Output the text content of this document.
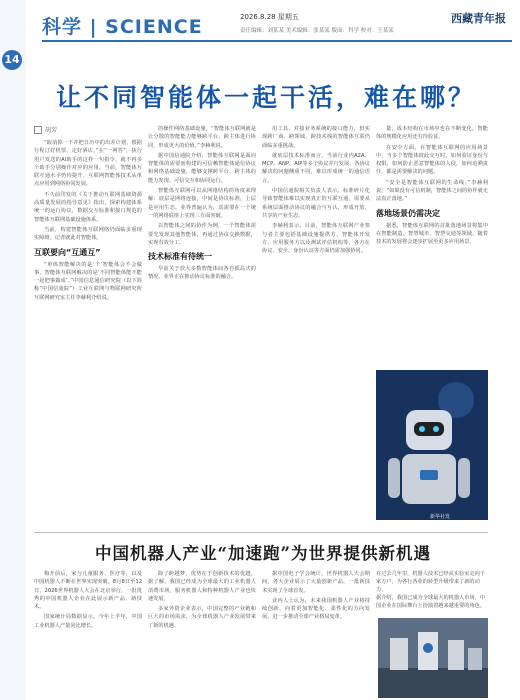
14
科学 | SCIENCE	2026.8.28 星期五
责任编辑：刘某某 美术编辑：张某某 版面：科学 校对：王某某
西藏青年报
让不同智能体一起干活，难在哪？
胡芳

“取消掉一下并把日历中的出差计划，根据行程订好机票、定好酒店。”在“一网答”，执行用户发送的AI助手的这样一句指令，就不再多个助手分别操作对应的应用。当前，智能体互联互通水平仍待提升，互联网智能体技术从单点应用到网络协同发展。

不久前印发的《关于推动互联网基础资源高质量发展的指导意见》指出，探索构建体系统一的运行协议，数据交互标准和接口规范的智能体互联网基础设施体系。

当前，构建智能体互联网络仍面临多重现实障碍。记者就此对智能体。

互联要向“互通互”

“单体智能解决的是‘个’智能体会不会做事，智能体互联网解决的是‘不同智能体能不能一起把事做成’。”中国信息通信研究院（以下简称“中国信通院”）工业互联网与物联网研究所互联网研究室主任李赫利介绍说。

的操作网络基础设施。“智能体互联网就是让分散的智能能力能够跨平台、跨主体进行协同，形成更大的价值。”李赫利说。

据中国信通院介绍，智能体互联网是面向智能体的需要而构建的可信赖智能体通信协议和网络基础设施，能够支撑跨平台、跨主体的能力发现、可信交互和协同运行。

智能体互联网可以从网络结构的角度来理解：底层是网络连接，中间是协议标准，上层是应用生态。业界普遍认为，其需要在一个统一的网络底座上实现三方面突破。

以智能体之间的协作为例，一个智能体需要先发现其他智能体，再通过协议交换数据，实现有效分工。

技术标准有待统一

早前关于放大多数智能体间各自孤岛式的情况，业界正在推动协议标准的融合。

用工具、对接业务系统的接口能力，但实现跨厂商、跨领域、跨技术栈的智能体互联仍面临多重挑战。

就底层技术标准而言，当前行业内A2A、MCP、ANP、AIP等多个协议并行发展，各协议解决的问题侧重不同，难以形成统一的通信语言。

中国信通院相关负责人表示，标准碎片化导致智能体难以实现真正的互联互通，需要从系统层面推动协议的融合与互认，形成开放、共享的产业生态。

李赫利表示，目前，智能体互联网产业参与者主要包括基础设施提供方、智能体开发方、应用服务方以及测试评估机构等，各方在协议、安全、身份认证等方面仍需加强协同。

量，成本结构在市场中也在不断变化，智能体的规模化应用还有待验证。

在安全方面，在智能体互联网的应用场景中，当多个智能体彼此交互时，如何验证身份与权限，如何防止恶意智能体的入侵，如何追溯责任，都是需要解决的问题。

“安全是智能体互联网的生命线。”李赫利说，“如果没有可信机制，智能体之间的协作就无法真正落地。”

落地场景仍需决定

据悉，智能体互联网的首批落地场景将集中在智能制造、智慧城市、智慧交通等领域，随着技术的发展将会逐步扩展至更多应用场景。

新华社发
中国机器人产业“加速跑”为世界提供新机遇

梅开前后，家与儿童服务、医疗等，以及中国机器人不断在世界实现突破。8月8日至12日，2026世界机器人大会在北京举行，一批优秀的中国机器人企业在此展示新产品、新技术。

国家统计局数据显示，今年上半年，中国工业机器人产量同比增长。

除了跨越梦，优势在于创新技术的优越。据了解，我国已经成为全球最大的工业机器人消费市场，服务机器人和特种机器人产业也快速发展。

多家外资企业表示，中国完整的产业链和巨大的市场需求，为全球机器人产业发展带来了新的机遇。

据中国电子学会统计，世界机器人大会期间，各大企业展示了大量创新产品，一批新技术实现了全球首发。

业内人士认为，未来我国机器人产业将持续创新，向着更加智能化、柔性化的方向发展，进一步推动全球产业格局变革。

在过去几年里，机器人技术已经从实验室走向千家万户，为各行各业的转型升级带来了新的动力。

据介绍，我国已成为全球最大的机器人市场，中国企业在国际舞台上扮演着越来越重要的角色。
